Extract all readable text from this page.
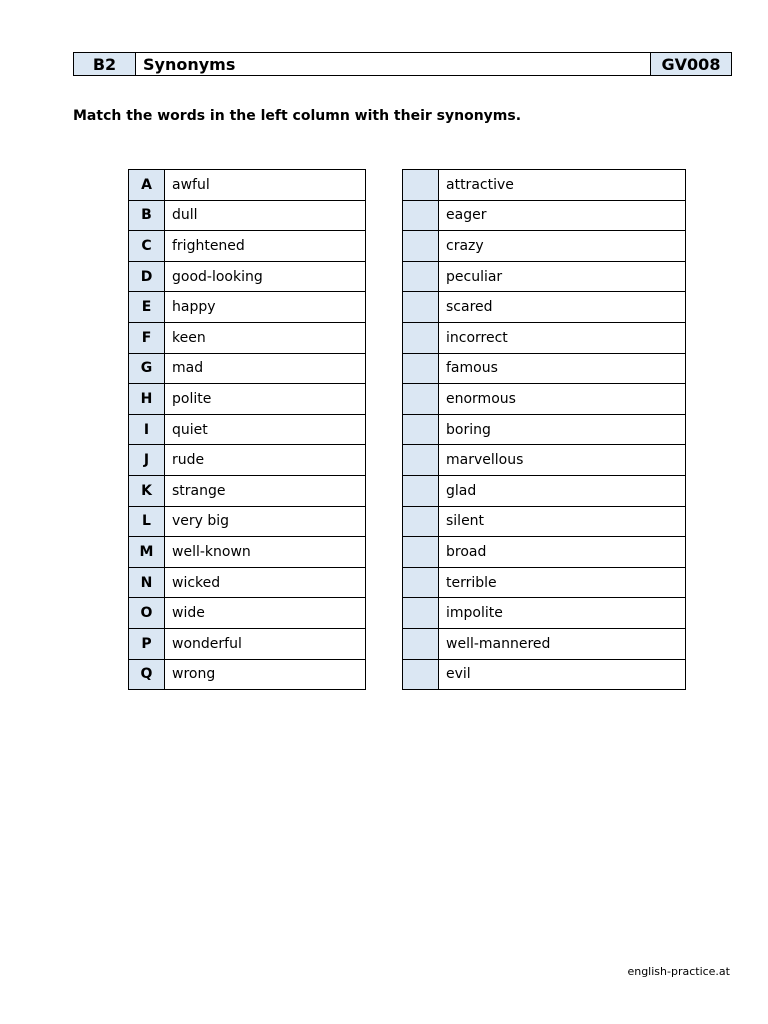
B2	Synonyms	GV008
Match the words in the left column with their synonyms.
A	awful
B	dull
C	frightened
D	good-looking
E	happy
F	keen
G	mad
H	polite
I	quiet
J	rude
K	strange
L	very big
M	well-known
N	wicked
O	wide
P	wonderful
Q	wrong
	attractive
	eager
	crazy
	peculiar
	scared
	incorrect
	famous
	enormous
	boring
	marvellous
	glad
	silent
	broad
	terrible
	impolite
	well-mannered
	evil
english-practice.at
